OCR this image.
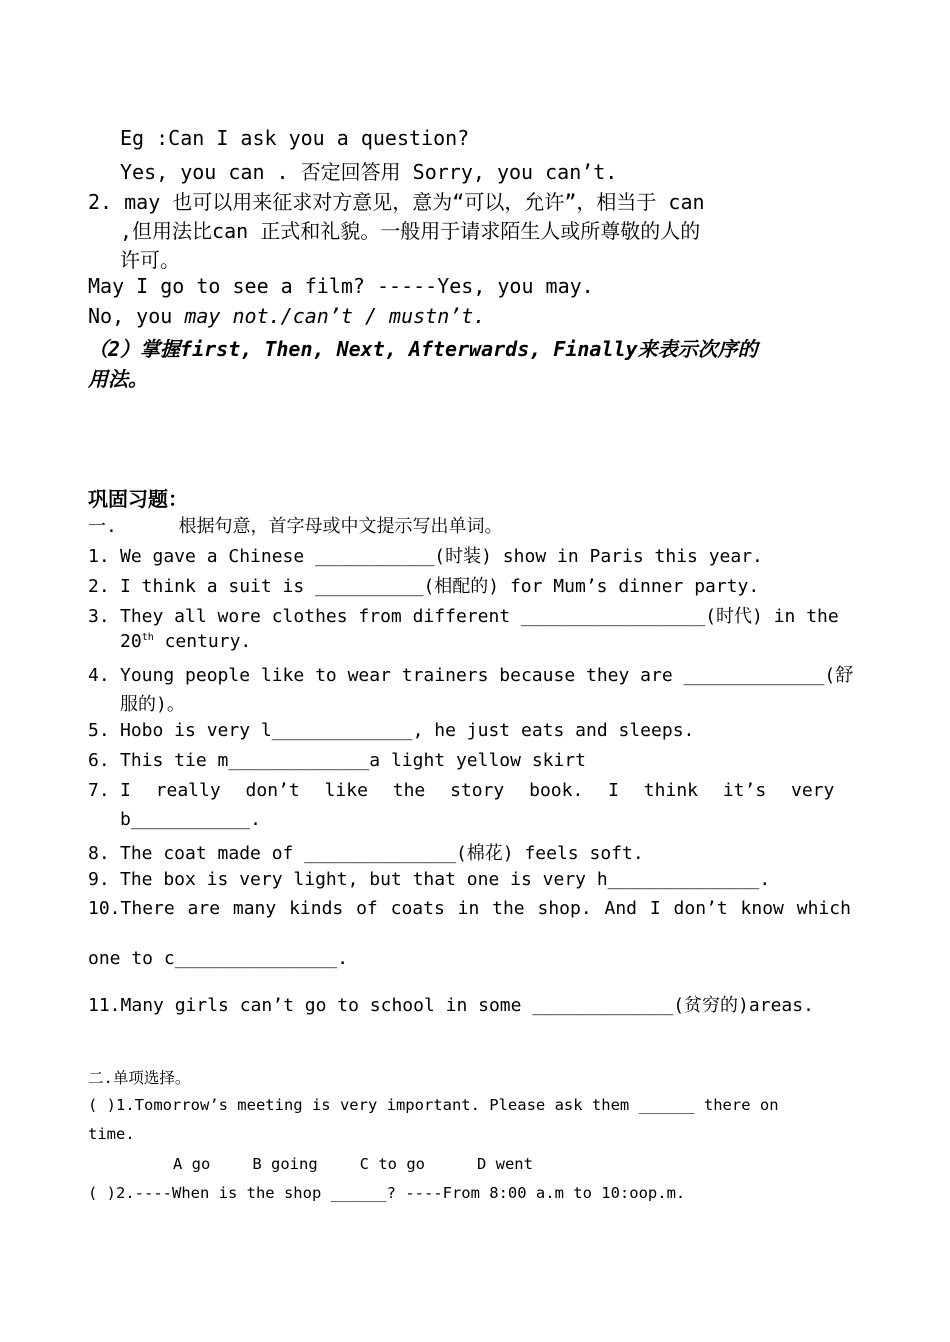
Eg :Can I ask you a question?
Yes, you can . 否定回答用 Sorry, you can’t.
2. may 也可以用来征求对方意见，意为“可以，允许”，相当于 can
,但用法比can 正式和礼貌。一般用于请求陌生人或所尊敬的人的
许可。
May I go to see a film? -----Yes, you may.
No, you may not./can’t / mustn’t.
（2）掌握first, Then, Next, Afterwards, Finally来表示次序的
用法。
巩固习题：
一.	根据句意，首字母或中文提示写出单词。
1. We gave a Chinese ___________(时装) show in Paris this year.
2. I think a suit is __________(相配的) for Mum’s dinner party.
3. They all wore clothes from different _________________(时代) in the
20th century.
4. Young people like to wear trainers because they are _____________(舒
服的)。
5. Hobo is very l_____________, he just eats and sleeps.
6. This tie m_____________a light yellow skirt
7. I really don’t like the story book. I think it’s very
b___________.
8. The coat made of ______________(棉花) feels soft.
9. The box is very light, but that one is very h______________.
10.There are many kinds of coats in the shop. And I don’t know which
one to c_______________.
11.Many girls can’t go to school in some _____________(贫穷的)areas.
二.单项选择。
( )1.Tomorrow’s meeting is very important. Please ask them ______ there on
time.
A go	B going	C to go	D went
( )2.----When is the shop ______? ----From 8:00 a.m to 10:oop.m.
